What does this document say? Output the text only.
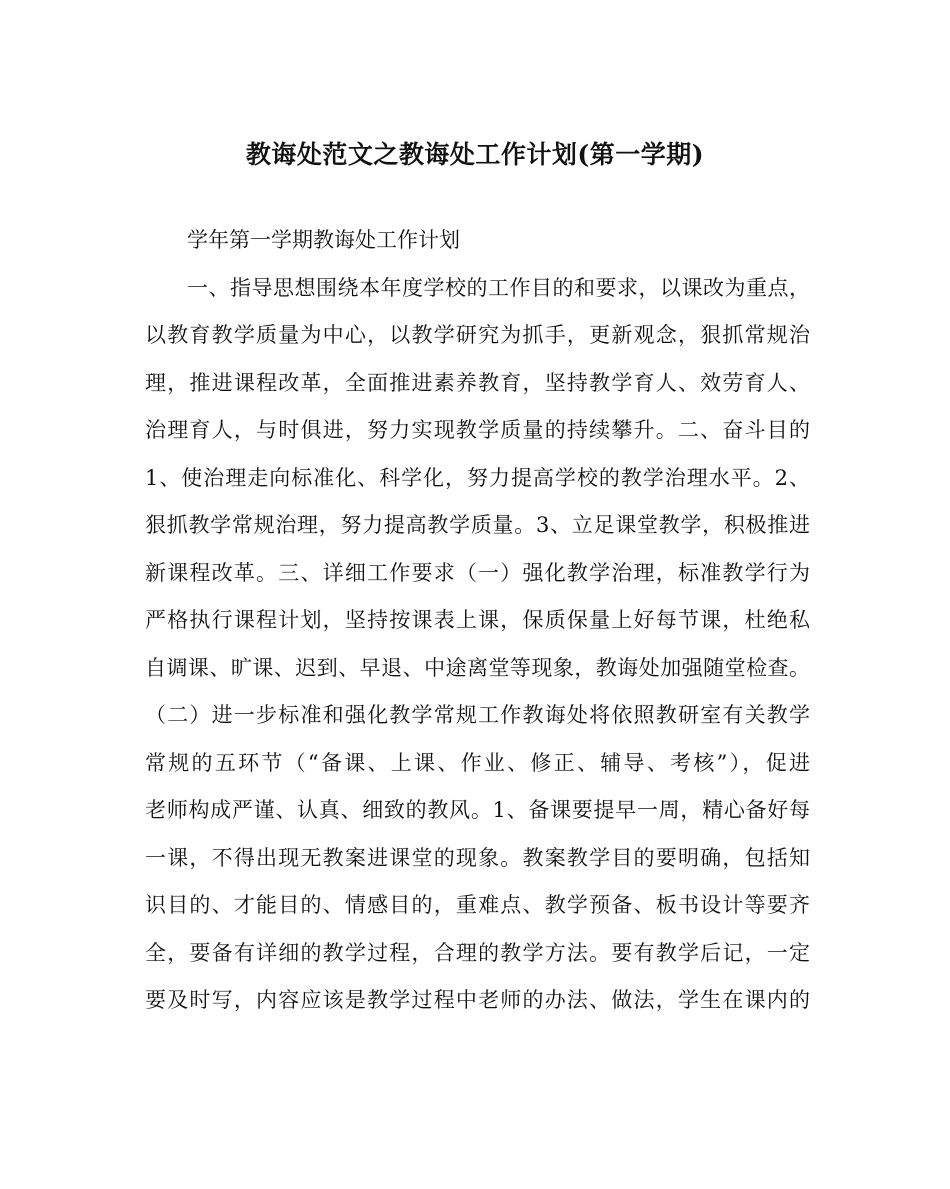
教诲处范文之教诲处工作计划(第一学期)
学年第一学期教诲处工作计划
一、指导思想围绕本年度学校的工作目的和要求，以课改为重点，
以教育教学质量为中心，以教学研究为抓手，更新观念，狠抓常规治
理，推进课程改革，全面推进素养教育，坚持教学育人、效劳育人、
治理育人，与时俱进，努力实现教学质量的持续攀升。二、奋斗目的
1、使治理走向标准化、科学化，努力提高学校的教学治理水平。2、
狠抓教学常规治理，努力提高教学质量。3、立足课堂教学，积极推进
新课程改革。三、详细工作要求（一）强化教学治理，标准教学行为
严格执行课程计划，坚持按课表上课，保质保量上好每节课，杜绝私
自调课、旷课、迟到、早退、中途离堂等现象，教诲处加强随堂检查。
（二）进一步标准和强化教学常规工作教诲处将依照教研室有关教学
常规的五环节（“备课、上课、作业、修正、辅导、考核”），促进
老师构成严谨、认真、细致的教风。1、备课要提早一周，精心备好每
一课，不得出现无教案进课堂的现象。教案教学目的要明确，包括知
识目的、才能目的、情感目的，重难点、教学预备、板书设计等要齐
全，要备有详细的教学过程，合理的教学方法。要有教学后记，一定
要及时写，内容应该是教学过程中老师的办法、做法，学生在课内的
